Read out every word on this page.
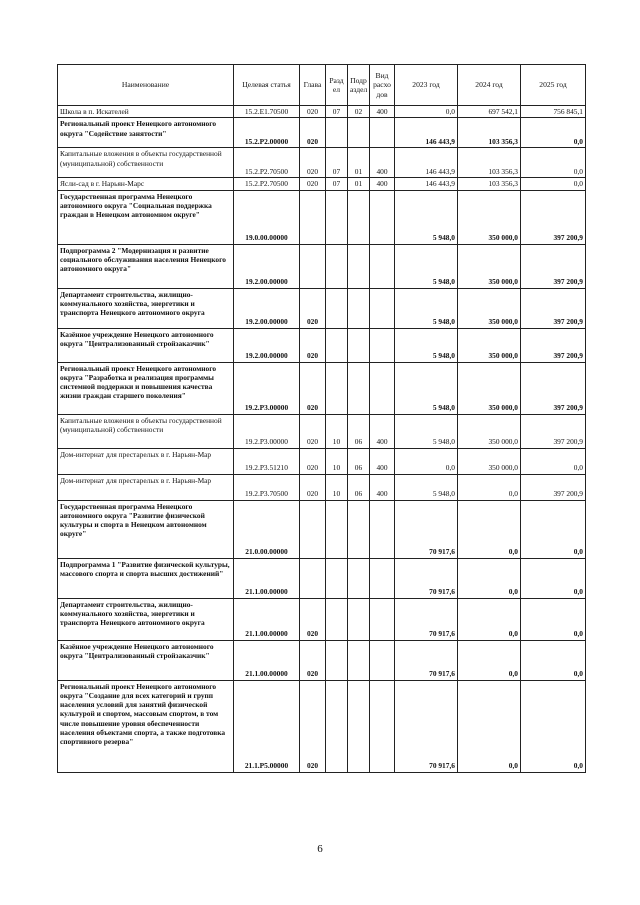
Наименование	Целевая статья	Глава	Разд ел	Подр аздел	Вид расхо дов	2023 год	2024 год	2025 год
Школа в п. Искателей	15.2.Е1.70500	020	07	02	400	0,0	697 542,1	756 845,1
Региональный проект Ненецкого автономного округа "Содействие занятости"	15.2.P2.00000	020				146 443,9	103 356,3	0,0
Капитальные вложения в объекты государственной (муниципальной) собственности	15.2.P2.70500	020	07	01	400	146 443,9	103 356,3	0,0
Ясли-сад в г. Нарьян-Марс	15.2.P2.70500	020	07	01	400	146 443,9	103 356,3	0,0
Государственная программа Ненецкого автономного округа "Социальная поддержка граждан в Ненецком автономном округе"	19.0.00.00000					5 948,0	350 000,0	397 200,9
Подпрограмма 2 "Модернизация и развитие социального обслуживания населения Ненецкого автономного округа"	19.2.00.00000					5 948,0	350 000,0	397 200,9
Департамент строительства, жилищно-коммунального хозяйства, энергетики и транспорта Ненецкого автономного округа	19.2.00.00000	020				5 948,0	350 000,0	397 200,9
Казённое учреждение Ненецкого автономного округа "Централизованный стройзаказчик"	19.2.00.00000	020				5 948,0	350 000,0	397 200,9
Региональный проект Ненецкого автономного округа "Разработка и реализация программы системной поддержки и повышения качества жизни граждан старшего поколения"	19.2.P3.00000	020				5 948,0	350 000,0	397 200,9
Капитальные вложения в объекты государственной (муниципальной) собственности	19.2.P3.00000	020	10	06	400	5 948,0	350 000,0	397 200,9
Дом-интернат для престарелых в г. Нарьян-Мар	19.2.P3.51210	020	10	06	400	0,0	350 000,0	0,0
Дом-интернат для престарелых в г. Нарьян-Мар	19.2.P3.70500	020	10	06	400	5 948,0	0,0	397 200,9
Государственная программа Ненецкого автономного округа "Развитие физической культуры и спорта в Ненецком автономном округе"	21.0.00.00000					70 917,6	0,0	0,0
Подпрограмма 1 "Развитие физической культуры, массового спорта и спорта высших достижений"	21.1.00.00000					70 917,6	0,0	0,0
Департамент строительства, жилищно-коммунального хозяйства, энергетики и транспорта Ненецкого автономного округа	21.1.00.00000	020				70 917,6	0,0	0,0
Казённое учреждение Ненецкого автономного округа "Централизованный стройзаказчик"	21.1.00.00000	020				70 917,6	0,0	0,0
Региональный проект Ненецкого автономного округа "Создание для всех категорий и групп населения условий для занятий физической культурой и спортом, массовым спортом, в том числе повышение уровня обеспеченности населения объектами спорта, а также подготовка спортивного резерва"	21.1.P5.00000	020				70 917,6	0,0	0,0
6
